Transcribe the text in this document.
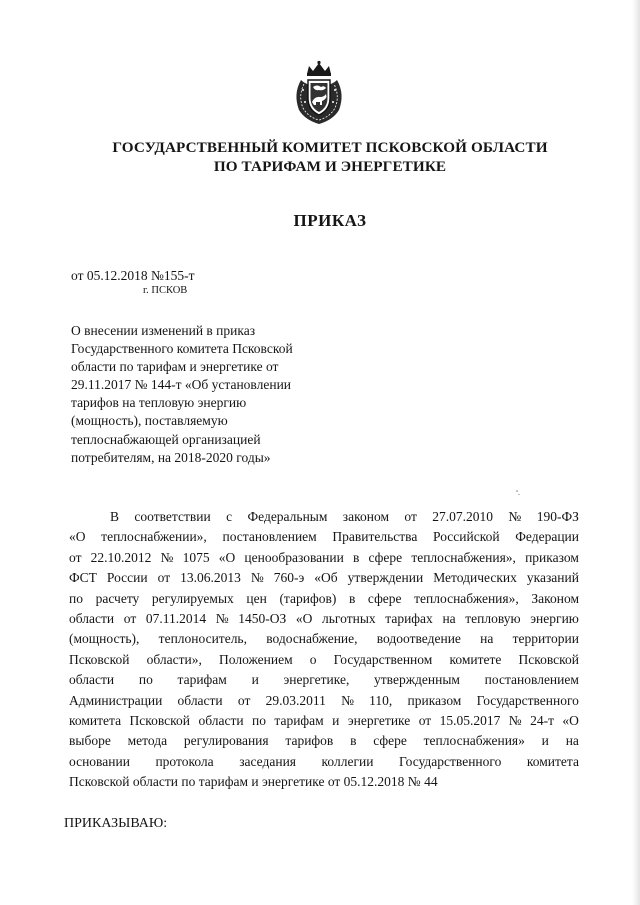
ГОСУДАРСТВЕННЫЙ КОМИТЕТ ПСКОВСКОЙ ОБЛАСТИ
ПО ТАРИФАМ И ЭНЕРГЕТИКЕ
ПРИКАЗ
от 05.12.2018 №155-т
г. ПСКОВ
О внесении изменений в приказ
Государственного комитета Псковской
области по тарифам и энергетике от
29.11.2017 № 144-т «Об установлении
тарифов на тепловую энергию
(мощность), поставляемую
теплоснабжающей организацией
потребителям, на 2018-2020 годы»
В соответствии с Федеральным законом от 27.07.2010 № 190-ФЗ
«О теплоснабжении», постановлением Правительства Российской Федерации
от 22.10.2012 № 1075 «О ценообразовании в сфере теплоснабжения», приказом
ФСТ России от 13.06.2013 № 760-э «Об утверждении Методических указаний
по расчету регулируемых цен (тарифов) в сфере теплоснабжения», Законом
области от 07.11.2014 № 1450-ОЗ «О льготных тарифах на тепловую энергию
(мощность), теплоноситель, водоснабжение, водоотведение на территории
Псковской области», Положением о Государственном комитете Псковской
области по тарифам и энергетике, утвержденным постановлением
Администрации области от 29.03.2011 № 110, приказом Государственного
комитета Псковской области по тарифам и энергетике от 15.05.2017 № 24-т «О
выборе метода регулирования тарифов в сфере теплоснабжения» и на
основании протокола заседания коллегии Государственного комитета
Псковской области по тарифам и энергетике от 05.12.2018 № 44
ПРИКАЗЫВАЮ:
